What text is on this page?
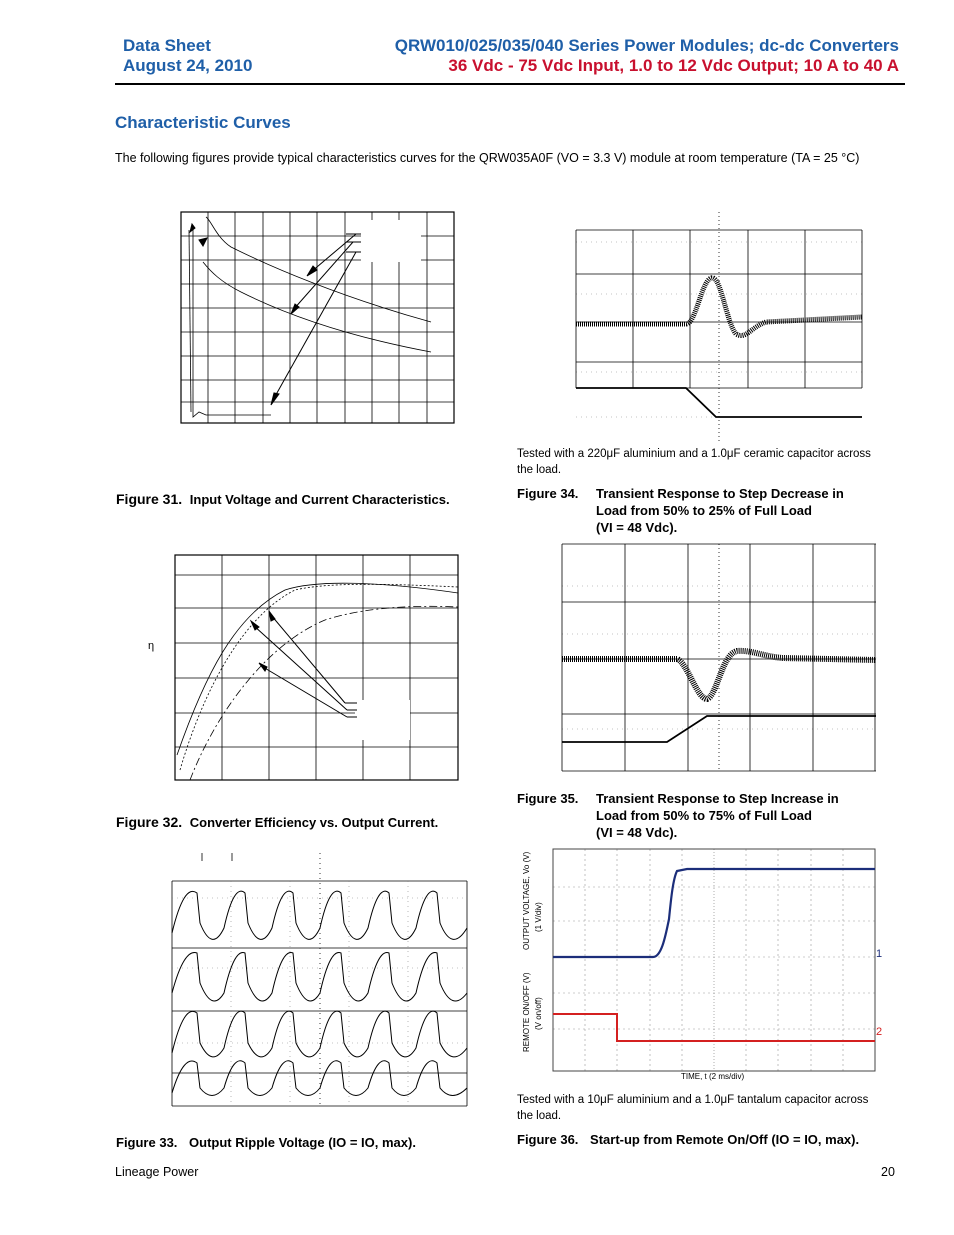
Data Sheet
August 24, 2010
QRW010/025/035/040 Series Power Modules; dc-dc Converters
36 Vdc - 75 Vdc Input, 1.0 to 12 Vdc Output; 10 A to 40 A
Characteristic Curves
The following figures provide typical characteristics curves for the QRW035A0F (VO = 3.3 V) module at room temperature (TA = 25 °C)
Figure 31. Input Voltage and Current Characteristics.
η
Figure 32. Converter Efficiency vs. Output Current.
Figure 33. Output Ripple Voltage (IO = IO, max).
Tested with a 220μF aluminium and a 1.0μF ceramic capacitor across the load.
Figure 34. Transient Response to Step Decrease in
Load from 50% to 25% of Full Load
(VI = 48 Vdc).
Figure 35. Transient Response to Step Increase in
Load from 50% to 75% of Full Load
(VI = 48 Vdc).
OUTPUT VOLTAGE, Vo (V) (1 V/div)
REMOTE ON/OFF (V) (V on/off)
1
2
TIME, t (2 ms/div)
Tested with a 10μF aluminium and a 1.0μF tantalum capacitor across the load.
Figure 36. Start-up from Remote On/Off (IO = IO, max).
Lineage Power	20
